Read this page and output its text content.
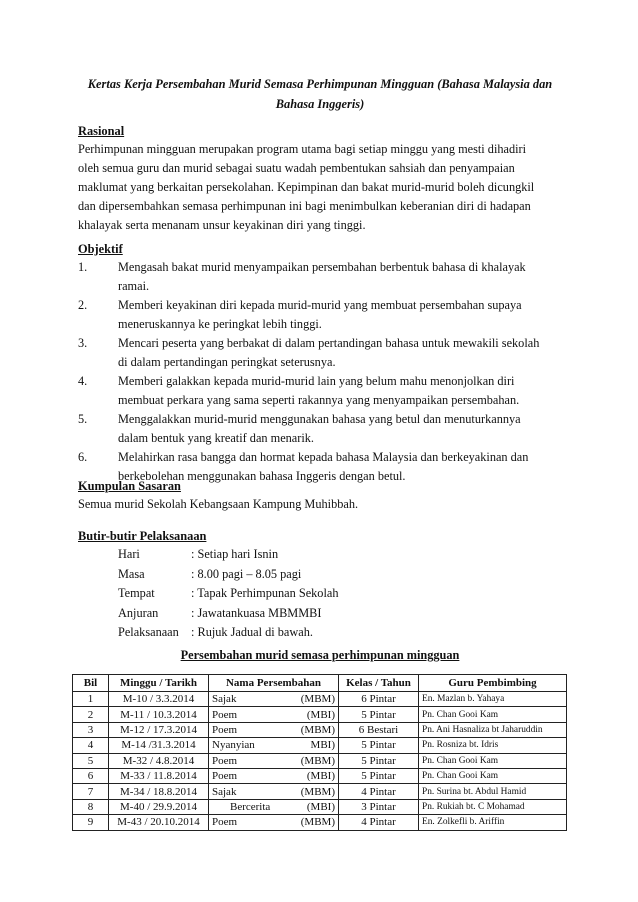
Kertas Kerja Persembahan Murid Semasa Perhimpunan Mingguan (Bahasa Malaysia dan Bahasa Inggeris)
Rasional
Perhimpunan mingguan merupakan program utama bagi setiap minggu yang mesti dihadiri
oleh semua guru dan murid sebagai suatu wadah pembentukan sahsiah dan penyampaian
maklumat yang berkaitan persekolahan. Kepimpinan dan bakat murid-murid boleh dicungkil
dan dipersembahkan semasa perhimpunan ini bagi menimbulkan keberanian diri di hadapan
khalayak serta menanam unsur keyakinan diri yang tinggi.
Objektif
1.	Mengasah bakat murid menyampaikan persembahan berbentuk bahasa di khalayak
ramai.
2.	Memberi keyakinan diri kepada murid-murid yang membuat persembahan supaya
meneruskannya ke peringkat lebih tinggi.
3.	Mencari peserta yang berbakat di dalam pertandingan bahasa untuk mewakili sekolah
di dalam pertandingan peringkat seterusnya.
4.	Memberi galakkan kepada murid-murid lain yang belum mahu menonjolkan diri
membuat perkara yang sama seperti rakannya yang menyampaikan persembahan.
5.	Menggalakkan murid-murid menggunakan bahasa yang betul dan menuturkannya
dalam bentuk yang kreatif dan menarik.
6.	Melahirkan rasa bangga dan hormat kepada bahasa Malaysia dan berkeyakinan dan
berkebolehan menggunakan bahasa Inggeris dengan betul.
Kumpulan Sasaran
Semua murid Sekolah Kebangsaan Kampung Muhibbah.
Butir-butir Pelaksanaan
Hari	: Setiap hari Isnin
Masa	: 8.00 pagi – 8.05 pagi
Tempat	: Tapak Perhimpunan Sekolah
Anjuran	: Jawatankuasa MBMMBI
Pelaksanaan : Rujuk Jadual di bawah.
Persembahan murid semasa perhimpunan mingguan
Bil	Minggu / Tarikh	Nama Persembahan	Kelas / Tahun	Guru Pembimbing
1	M-10 / 3.3.2014	Sajak (MBM)	6 Pintar	En. Mazlan b. Yahaya
2	M-11 / 10.3.2014	Poem (MBI)	5 Pintar	Pn. Chan Gooi Kam
3	M-12 / 17.3.2014	Poem (MBM)	6 Bestari	Pn. Ani Hasnaliza bt Jaharuddin
4	M-14 /31.3.2014	Nyanyian MBI)	5 Pintar	Pn. Rosniza bt. Idris
5	M-32 / 4.8.2014	Poem (MBM)	5 Pintar	Pn. Chan Gooi Kam
6	M-33 / 11.8.2014	Poem (MBI)	5 Pintar	Pn. Chan Gooi Kam
7	M-34 / 18.8.2014	Sajak (MBM)	4 Pintar	Pn. Surina bt. Abdul Hamid
8	M-40 / 29.9.2014	Bercerita (MBI)	3 Pintar	Pn. Rukiah bt. C Mohamad
9	M-43 / 20.10.2014	Poem (MBM)	4 Pintar	En. Zolkefli b. Ariffin
